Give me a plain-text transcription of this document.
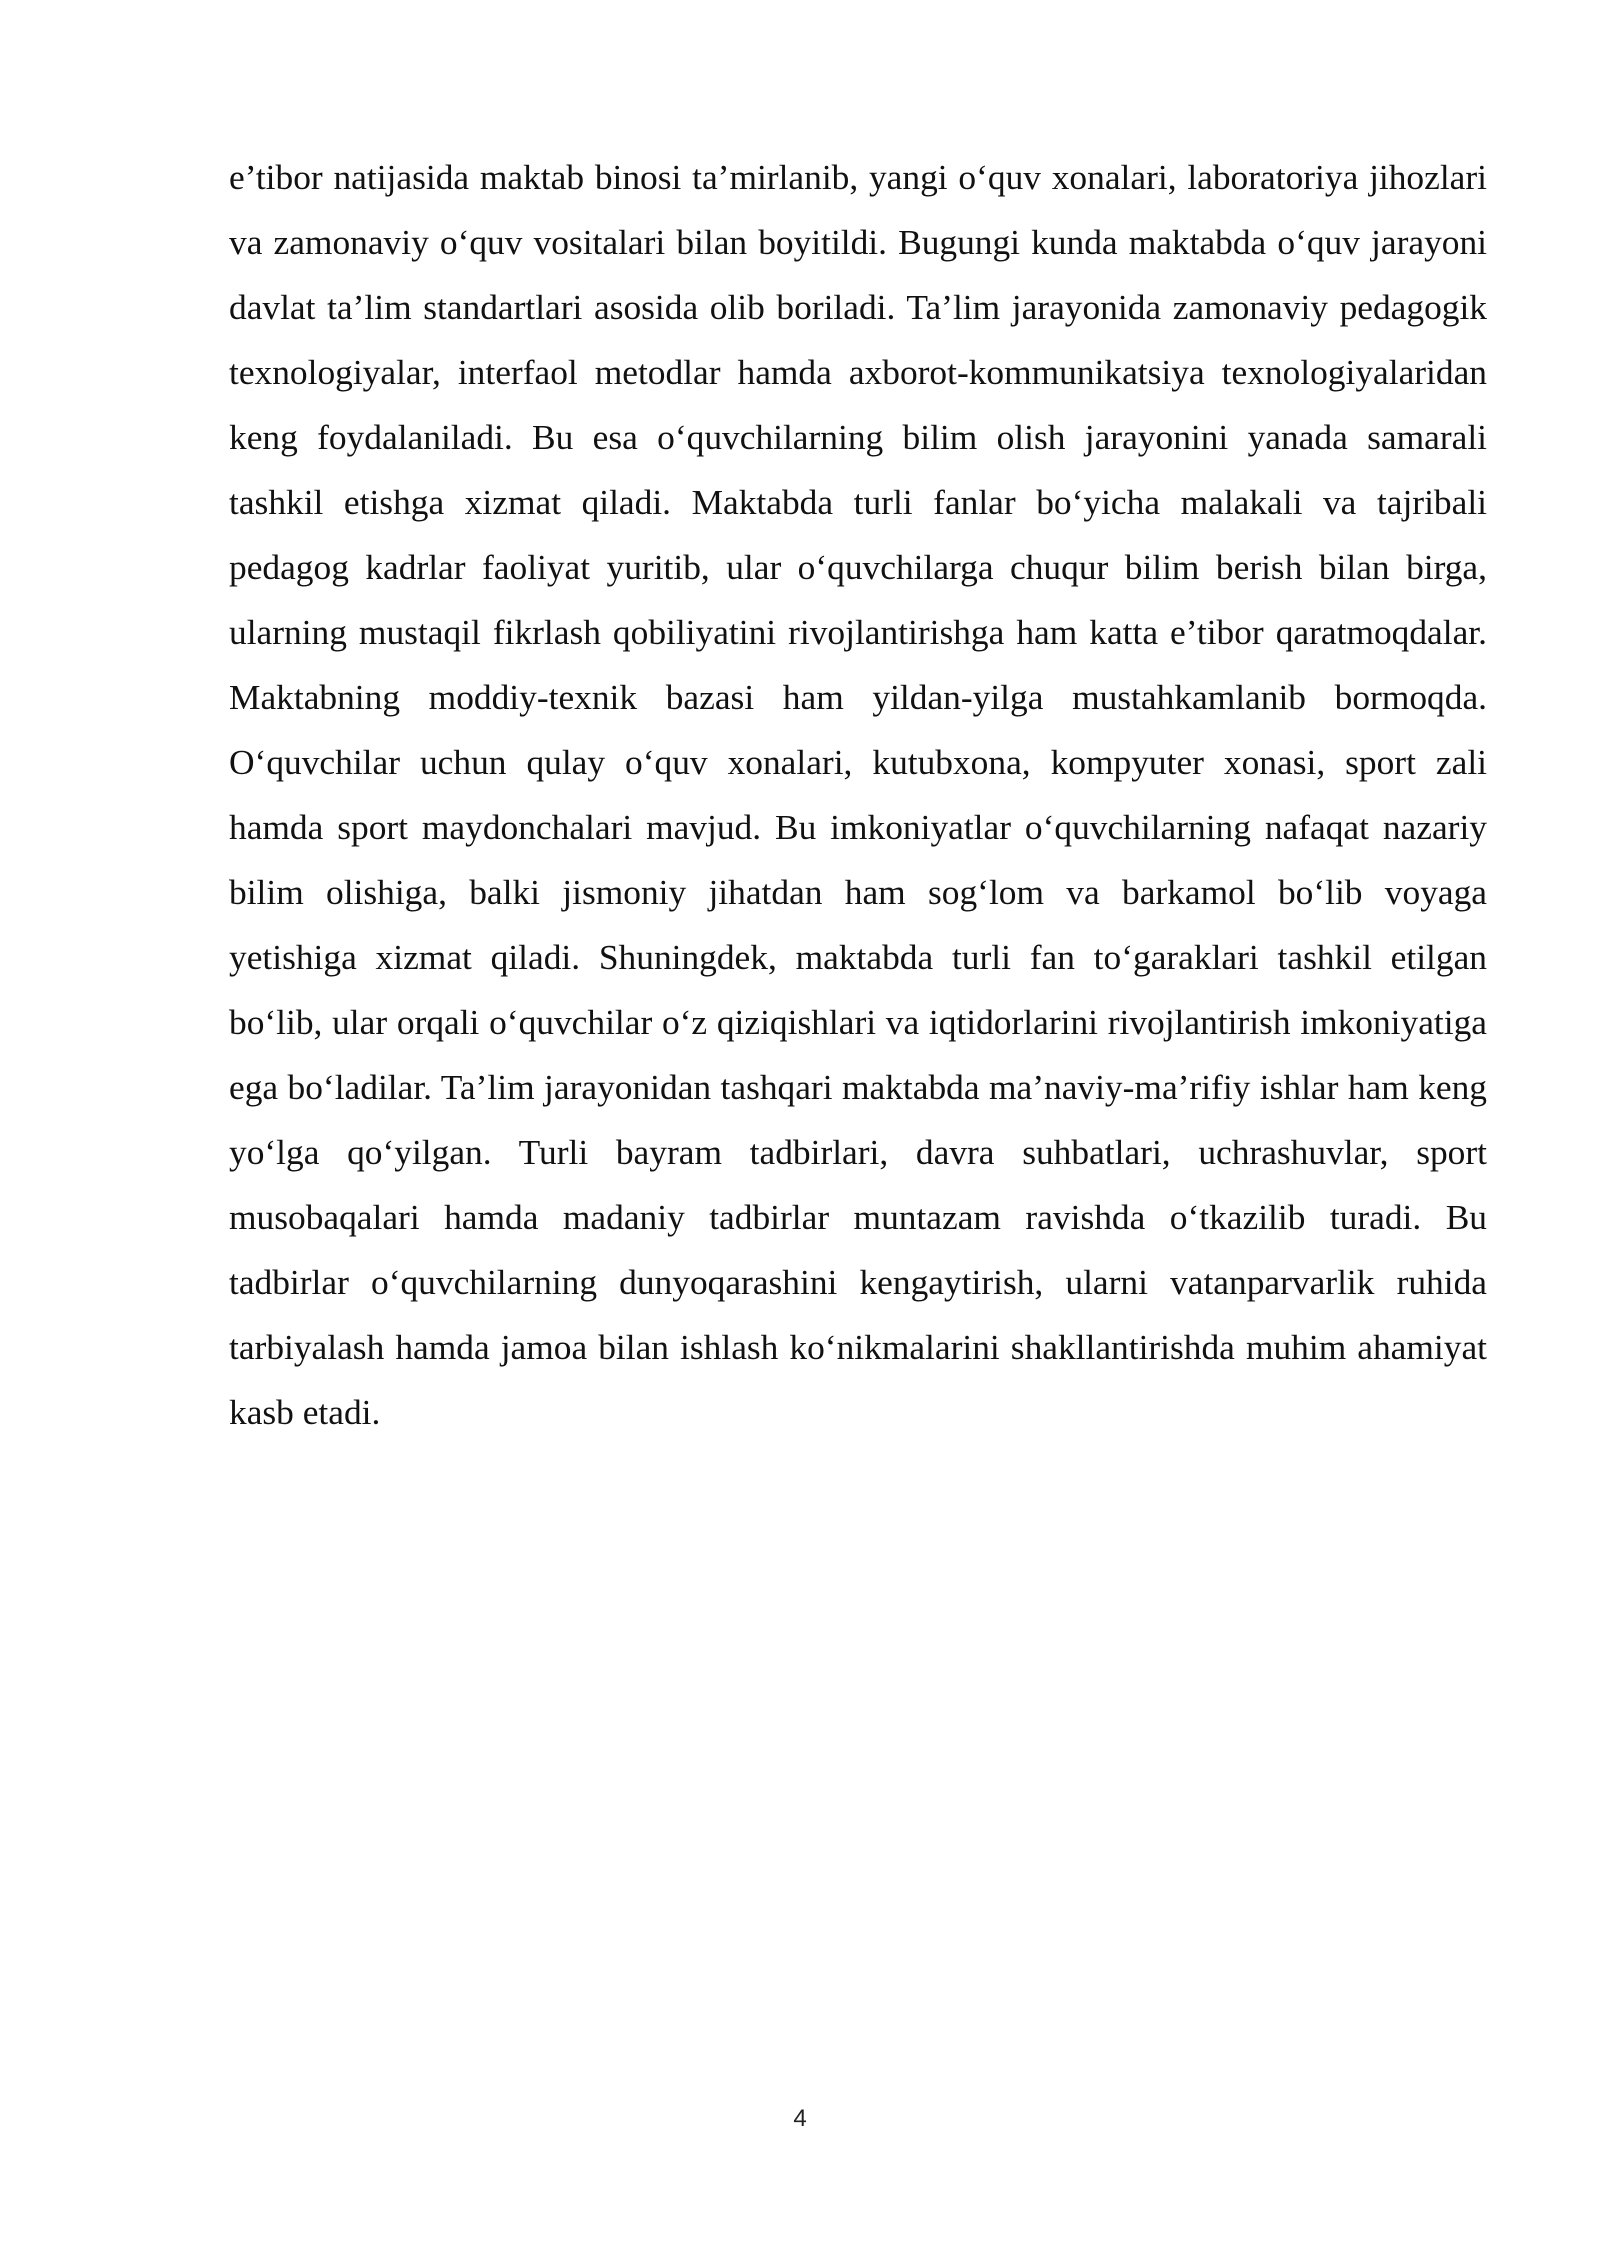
e’tibor natijasida maktab binosi ta’mirlanib, yangi o‘quv xonalari, laboratoriya jihozlari va zamonaviy o‘quv vositalari bilan boyitildi. Bugungi kunda maktabda o‘quv jarayoni davlat ta’lim standartlari asosida olib boriladi. Ta’lim jarayonida zamonaviy pedagogik texnologiyalar, interfaol metodlar hamda axborot-kommunikatsiya texnologiyalaridan keng foydalaniladi. Bu esa o‘quvchilarning bilim olish jarayonini yanada samarali tashkil etishga xizmat qiladi. Maktabda turli fanlar bo‘yicha malakali va tajribali pedagog kadrlar faoliyat yuritib, ular o‘quvchilarga chuqur bilim berish bilan birga, ularning mustaqil fikrlash qobiliyatini rivojlantirishga ham katta e’tibor qaratmoqdalar. Maktabning moddiy-texnik bazasi ham yildan-yilga mustahkamlanib bormoqda. O‘quvchilar uchun qulay o‘quv xonalari, kutubxona, kompyuter xonasi, sport zali hamda sport maydonchalari mavjud. Bu imkoniyatlar o‘quvchilarning nafaqat nazariy bilim olishiga, balki jismoniy jihatdan ham sog‘lom va barkamol bo‘lib voyaga yetishiga xizmat qiladi. Shuningdek, maktabda turli fan to‘garaklari tashkil etilgan bo‘lib, ular orqali o‘quvchilar o‘z qiziqishlari va iqtidorlarini rivojlantirish imkoniyatiga ega bo‘ladilar. Ta’lim jarayonidan tashqari maktabda ma’naviy-ma’rifiy ishlar ham keng yo‘lga qo‘yilgan. Turli bayram tadbirlari, davra suhbatlari, uchrashuvlar, sport musobaqalari hamda madaniy tadbirlar muntazam ravishda o‘tkazilib turadi. Bu tadbirlar o‘quvchilarning dunyoqarashini kengaytirish, ularni vatanparvarlik ruhida tarbiyalash hamda jamoa bilan ishlash ko‘nikmalarini shakllantirishda muhim ahamiyat kasb etadi.

4
